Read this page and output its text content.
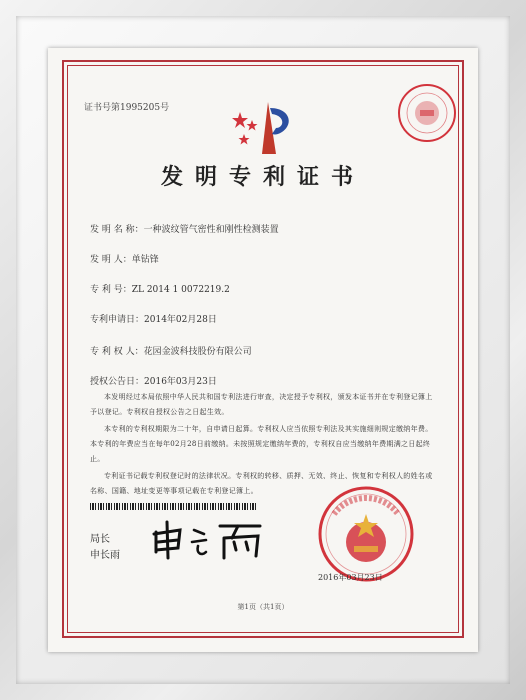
证书号第1995205号
发明专利证书
发 明 名 称：一种波纹管气密性和刚性检测装置
发 明 人：单钻锋
专 利 号：ZL 2014 1 0072219.2
专利申请日：2014年02月28日
专 利 权 人：花园金波科技股份有限公司
授权公告日：2016年03月23日

本发明经过本局依照中华人民共和国专利法进行审查，决定授予专利权，颁发本证书并在专利登记簿上予以登记。专利权自授权公告之日起生效。

本专利的专利权期限为二十年，自申请日起算。专利权人应当依照专利法及其实施细则规定缴纳年费。本专利的年费应当在每年02月28日前缴纳。未按照规定缴纳年费的，专利权自应当缴纳年费期满之日起终止。

专利证书记载专利权登记时的法律状况。专利权的转移、质押、无效、终止、恢复和专利权人的姓名或名称、国籍、地址变更等事项记载在专利登记簿上。

局长
申长雨
2016年03月23日
第1页（共1页）
